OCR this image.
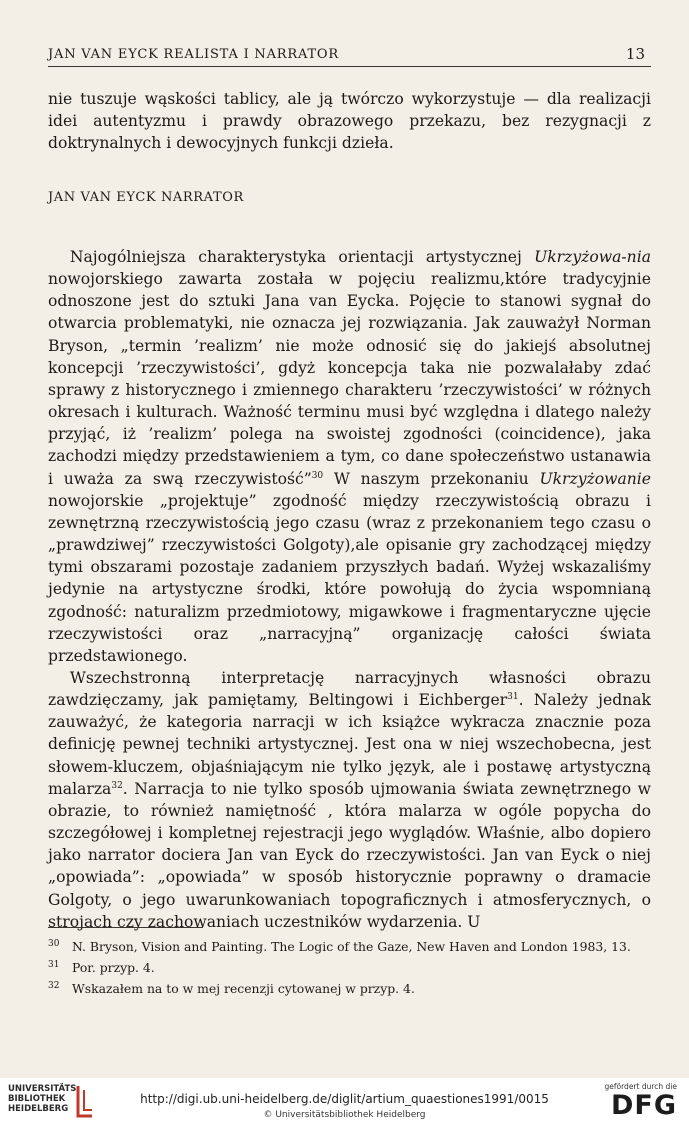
JAN VAN EYCK REALISTA I NARRATOR	13

nie tuszuje wąskości tablicy, ale ją twórczo wykorzystuje — dla realizacji idei autentyzmu i prawdy obrazowego przekazu, bez rezygnacji z doktrynalnych i dewocyjnych funkcji dzieła.

JAN VAN EYCK NARRATOR

Najogólniejsza charakterystyka orientacji artystycznej Ukrzyżowa-nia nowojorskiego zawarta została w pojęciu realizmu,które tradycyjnie odnoszone jest do sztuki Jana van Eycka. Pojęcie to stanowi sygnał do otwarcia problematyki, nie oznacza jej rozwiązania. Jak zauważył Norman Bryson, „termin ’realizm’ nie może odnosić się do jakiejś absolutnej koncepcji ’rzeczywistości’, gdyż koncepcja taka nie pozwalałaby zdać sprawy z historycznego i zmiennego charakteru ’rzeczywistości’ w różnych okresach i kulturach. Ważność terminu musi być względna i dlatego należy przyjąć, iż ’realizm’ polega na swoistej zgodności (coincidence), jaka zachodzi między przedstawieniem a tym, co dane społeczeństwo ustanawia i uważa za swą rzeczywistość”$^{30}$ W naszym przekonaniu Ukrzyżowanie nowojorskie „projektuje” zgodność między rzeczywistością obrazu i zewnętrzną rzeczywistością jego czasu (wraz z przekonaniem tego czasu o „prawdziwej” rzeczywistości Golgoty),ale opisanie gry zachodzącej między tymi obszarami pozostaje zadaniem przyszłych badań. Wyżej wskazaliśmy jedynie na artystyczne środki, które powołują do życia wspomnianą zgodność: naturalizm przedmiotowy, migawkowe i fragmentaryczne ujęcie rzeczywistości oraz „narracyjną” organizację całości świata przedstawionego.

Wszechstronną interpretację narracyjnych własności obrazu zawdzięczamy, jak pamiętamy, Beltingowi i Eichberger$^{31}$. Należy jednak zauważyć, że kategoria narracji w ich książce wykracza znacznie poza definicję pewnej techniki artystycznej. Jest ona w niej wszechobecna, jest słowem-kluczem, objaśniającym nie tylko język, ale i postawę artystyczną malarza$^{32}$. Narracja to nie tylko sposób ujmowania świata zewnętrznego w obrazie, to również namiętność , która malarza w ogóle popycha do szczegółowej i kompletnej rejestracji jego wyglądów. Właśnie, albo dopiero jako narrator dociera Jan van Eyck do rzeczywistości. Jan van Eyck o niej „opowiada”: „opowiada” w sposób historycznie poprawny o dramacie Golgoty, o jego uwarunkowaniach topograficznych i atmosferycznych, o strojach czy zachowaniach uczestników wydarzenia. U

30 N. Bryson, Vision and Painting. The Logic of the Gaze, New Haven and London 1983, 13.
31 Por. przyp. 4.
32 Wskazałem na to w mej recenzji cytowanej w przyp. 4.
UNIVERSITÄTS-
BIBLIOTHEK
HEIDELBERG
http://digi.ub.uni-heidelberg.de/diglit/artium_quaestiones1991/0015
© Universitätsbibliothek Heidelberg
gefördert durch die
DFG
